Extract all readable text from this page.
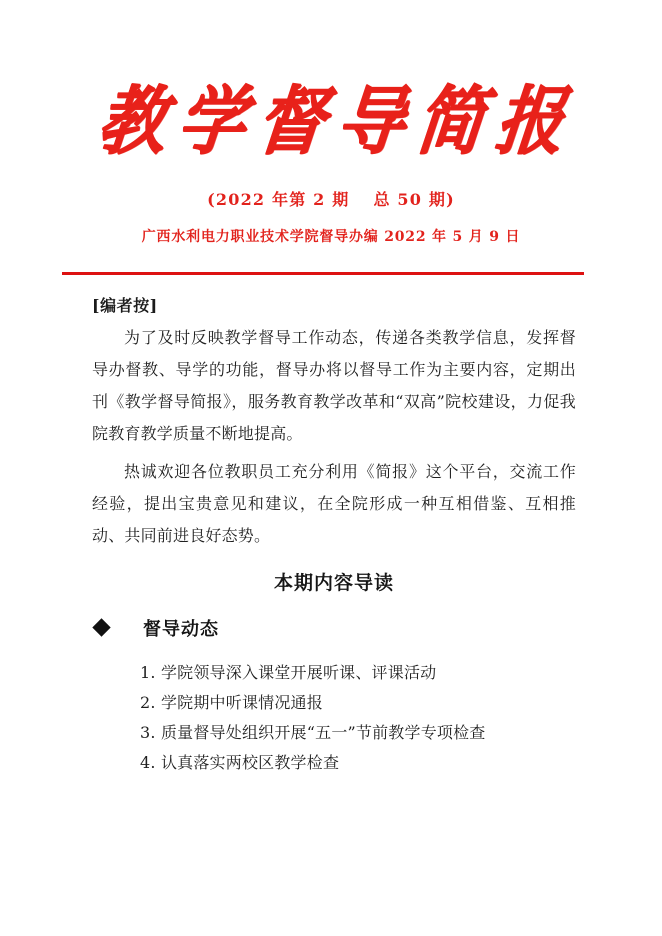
教学督导简报
(2022 年第 2 期　 总 50 期)
广西水利电力职业技术学院督导办编 2022 年 5 月 9 日
[编者按]

为了及时反映教学督导工作动态，传递各类教学信息，发挥督导办督教、导学的功能，督导办将以督导工作为主要内容，定期出刊《教学督导简报》，服务教育教学改革和“双高”院校建设，力促我院教育教学质量不断地提高。

热诚欢迎各位教职员工充分利用《简报》这个平台，交流工作经验，提出宝贵意见和建议，在全院形成一种互相借鉴、互相推动、共同前进良好态势。

本期内容导读
督导动态
1. 学院领导深入课堂开展听课、评课活动
2. 学院期中听课情况通报
3. 质量督导处组织开展“五一”节前教学专项检查
4. 认真落实两校区教学检查
